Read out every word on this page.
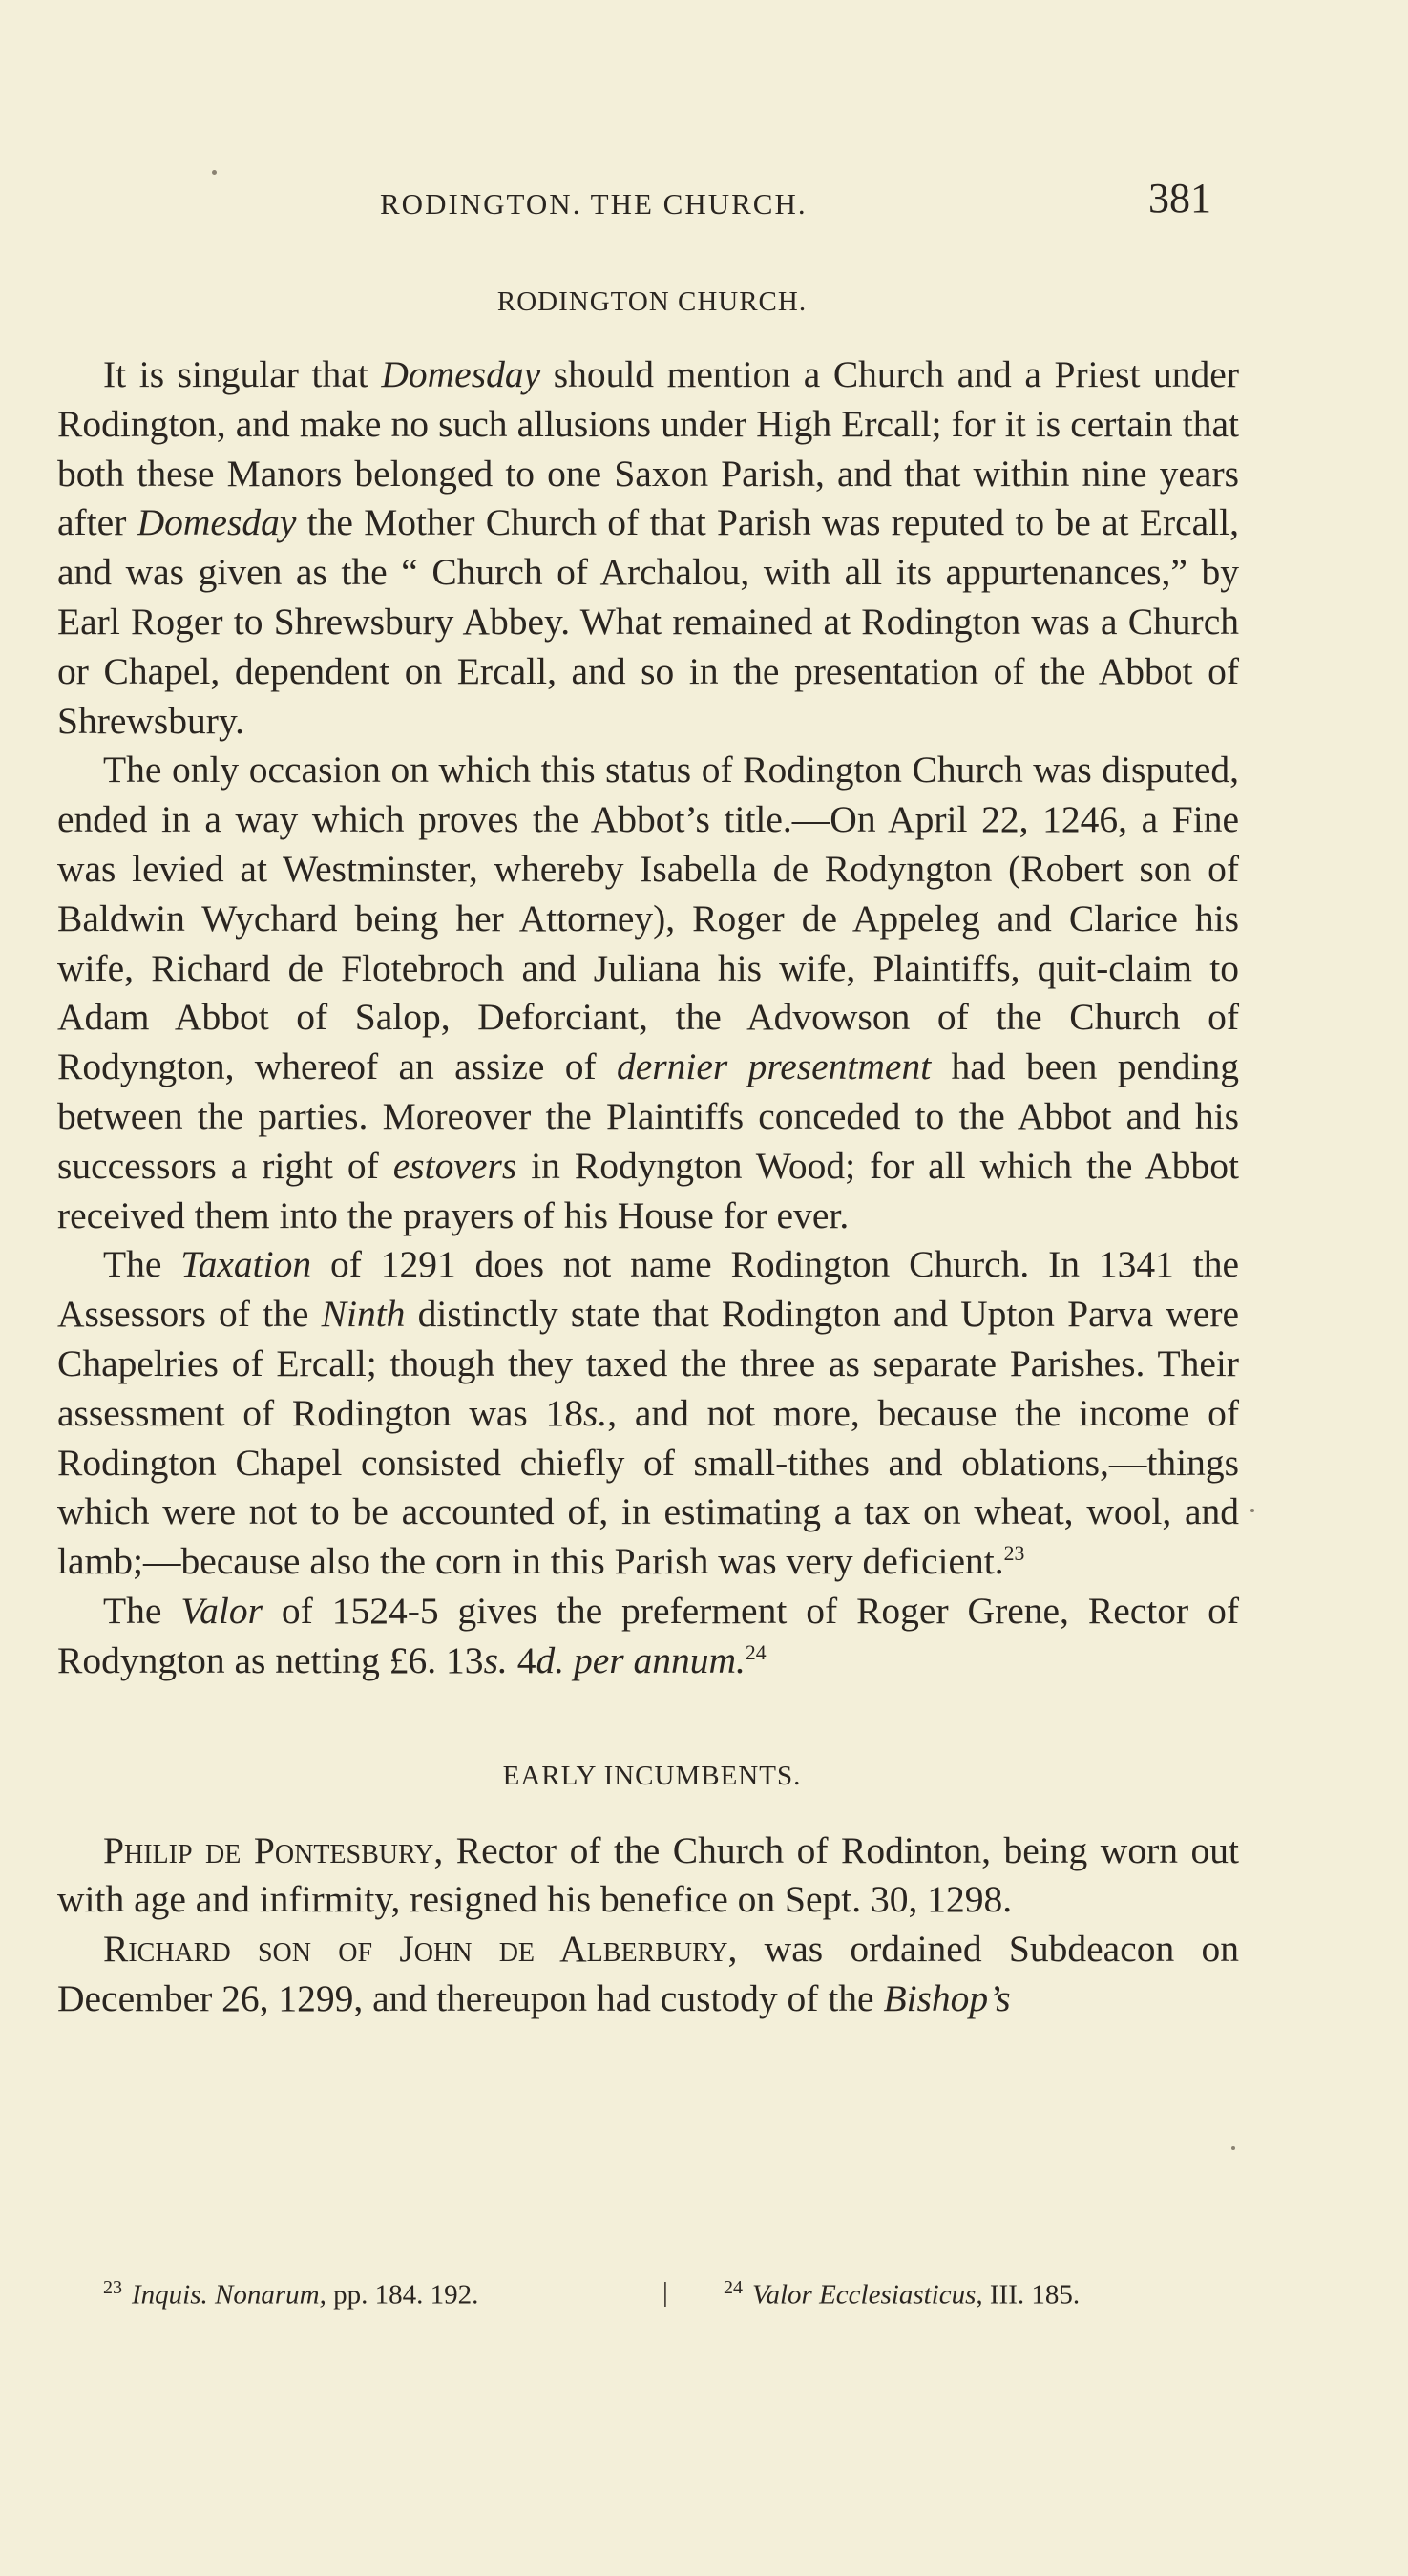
RODINGTON. THE CHURCH.	381
RODINGTON CHURCH.

It is singular that Domesday should mention a Church and a Priest under Rodington, and make no such allusions under High Ercall; for it is certain that both these Manors belonged to one Saxon Parish, and that within nine years after Domesday the Mother Church of that Parish was reputed to be at Ercall, and was given as the “ Church of Archalou, with all its appurtenances,” by Earl Roger to Shrewsbury Abbey. What remained at Rodington was a Church or Chapel, dependent on Ercall, and so in the presentation of the Abbot of Shrewsbury.

The only occasion on which this status of Rodington Church was disputed, ended in a way which proves the Abbot’s title.—On April 22, 1246, a Fine was levied at Westminster, whereby Isabella de Rodyngton (Robert son of Baldwin Wychard being her Attorney), Roger de Appeleg and Clarice his wife, Richard de Flotebroch and Juliana his wife, Plaintiffs, quit-claim to Adam Abbot of Salop, Deforciant, the Advowson of the Church of Rodyngton, whereof an assize of dernier presentment had been pending between the parties. Moreover the Plaintiffs conceded to the Abbot and his successors a right of estovers in Rodyngton Wood; for all which the Abbot received them into the prayers of his House for ever.

The Taxation of 1291 does not name Rodington Church. In 1341 the Assessors of the Ninth distinctly state that Rodington and Upton Parva were Chapelries of Ercall; though they taxed the three as separate Parishes. Their assessment of Rodington was 18s., and not more, because the income of Rodington Chapel consisted chiefly of small-tithes and oblations,—things which were not to be accounted of, in estimating a tax on wheat, wool, and lamb;—because also the corn in this Parish was very deficient.$^{23}$

The Valor of 1524-5 gives the preferment of Roger Grene, Rector of Rodyngton as netting £6. 13s. 4d. per annum.$^{24}$

EARLY INCUMBENTS.

Philip de Pontesbury, Rector of the Church of Rodinton, being worn out with age and infirmity, resigned his benefice on Sept. 30, 1298.

Richard son of John de Alberbury, was ordained Subdeacon on December 26, 1299, and thereupon had custody of the Bishop’s

$^{23}$ Inquis. Nonarum, pp. 184. 192.	|	$^{24}$ Valor Ecclesiasticus, III. 185.
